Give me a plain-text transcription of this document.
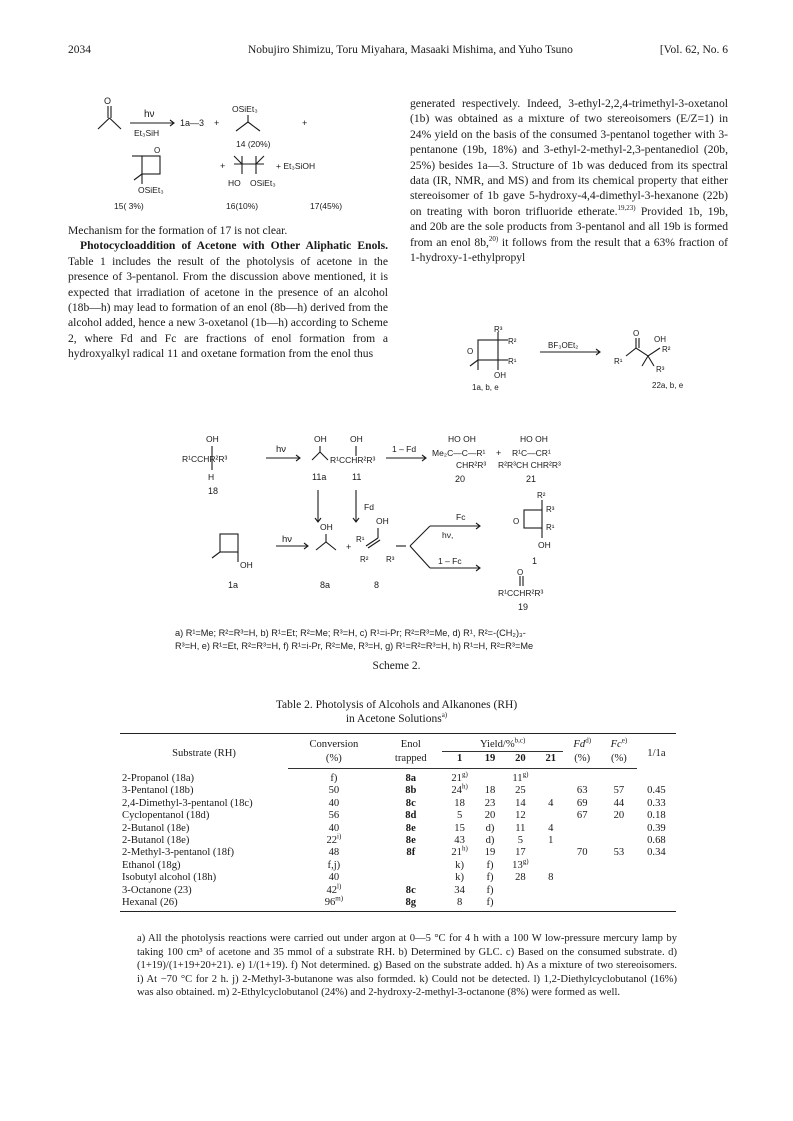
2034	Nobujiro Shimizu, Toru Miyahara, Masaaki Mishima, and Yuho Tsuno	[Vol. 62, No. 6
O
hν
Et₃SiH
1a—3 +
OSiEt₃
+
14 (20%)
O
+	+ Et₃SiOH
OSiEt₃
HO OSiEt₃
15( 3%)	16(10%)	17(45%)

Mechanism for the formation of 17 is not clear.

Photocycloaddition of Acetone with Other Aliphatic Enols. Table 1 includes the result of the photolysis of acetone in the presence of 3-pentanol. From the discussion above mentioned, it is expected that irradiation of acetone in the presence of an alcohol (18b—h) may lead to formation of an enol (8b—h) derived from the alcohol added, hence a new 3-oxetanol (1b—h) according to Scheme 2, where Fd and Fc are fractions of enol formation from a hydroxyalkyl radical 11 and oxetane formation from the enol thus

generated respectively. Indeed, 3-ethyl-2,2,4-trimethyl-3-oxetanol (1b) was obtained as a mixture of two stereoisomers (E/Z=1) in 24% yield on the basis of the consumed 3-pentanol together with 3-pentanone (19b, 18%) and 3-ethyl-2-methyl-2,3-pentanediol (20b, 25%) besides 1a—3. Structure of 1b was deduced from its spectral data (IR, NMR, and MS) and from its chemical property that either stereoisomer of 1b gave 5-hydroxy-4,4-dimethyl-3-hexanone (22b) on treating with boron trifluoride etherate.$^{19,23)}$ Provided 1b, 19b, and 20b are the sole products from 3-pentanol and all 19b is formed from an enol 8b,$^{20)}$ it follows from the result that a 63% fraction of 1-hydroxy-1-ethylpropyl

R³
O
R²
R¹
OH
1a, b, e
BF₃OEt₂
O
R¹
OH
R²
R³
22a, b, e
OH
R¹CCHR²R³
H
18
hν
OH	OH
R¹CCHR²R³
11a	11
1 – Fd
HO OH
Me₂C—C—R¹
CHR²R³
20
+
HO OH
R¹C—CR¹
R²R³CH CHR²R³
21
Fd
OH
1a
hν
OH
8a
+
R¹
OH
R² R³
8
Fc
hν,
1 – Fc
R²
R³
R¹
O
OH
1
O
R¹CCHR²R³
19
a) R¹=Me; R²=R³=H, b) R¹=Et; R²=Me; R³=H, c) R¹=i-Pr; R²=R³=Me, d) R¹, R²=-(CH₂)₃-
R³=H, e) R¹=Et, R²=R³=H, f) R¹=i-Pr, R²=Me, R³=H, g) R¹=R²=R³=H, h) R¹=H, R²=R³=Me
Scheme 2.
Table 2. Photolysis of Alcohols and Alkanones (RH)
in Acetone Solutions$^{a)}$
Substrate (RH)	Conversion	Enol	Yield/%$^{b,c)}$				Fd$^{d)}$	Fc$^{e)}$	1/1a
	(%)	trapped	1	19	20	21	(%)	(%)	
2-Propanol (18a)	f)	8a	21$^{g)}$		11$^{g)}$				
3-Pentanol (18b)	50	8b	24$^{h)}$	18	25		63	57	0.45
2,4-Dimethyl-3-pentanol (18c)	40	8c	18	23	14	4	69	44	0.33
Cyclopentanol (18d)	56	8d	5	20	12		67	20	0.18
2-Butanol (18e)	40	8e	15	d)	11	4			0.39
2-Butanol (18e)	22$^{i)}$	8e	43	d)	5	1			0.68
2-Methyl-3-pentanol (18f)	48	8f	21$^{h)}$	19	17		70	53	0.34
Ethanol (18g)	f,j)		k)	f)	13$^{g)}$				
Isobutyl alcohol (18h)	40		k)	f)	28	8			
3-Octanone (23)	42$^{l)}$	8c	34	f)					
Hexanal (26)	96$^{m)}$	8g	8	f)					
a) All the photolysis reactions were carried out under argon at 0—5 °C for 4 h with a 100 W low-pressure mercury lamp by taking 100 cm³ of acetone and 35 mmol of a substrate RH. b) Determined by GLC. c) Based on the consumed substrate. d) (1+19)/(1+19+20+21). e) 1/(1+19). f) Not determined. g) Based on the substrate added. h) As a mixture of two stereoisomers. i) At −70 °C for 2 h. j) 2-Methyl-3-butanone was also formded. k) Could not be detected. l) 1,2-Diethylcyclobutanol (16%) was also obtained. m) 2-Ethylcyclobutanol (24%) and 2-hydroxy-2-methyl-3-octanone (8%) were formed as well.
